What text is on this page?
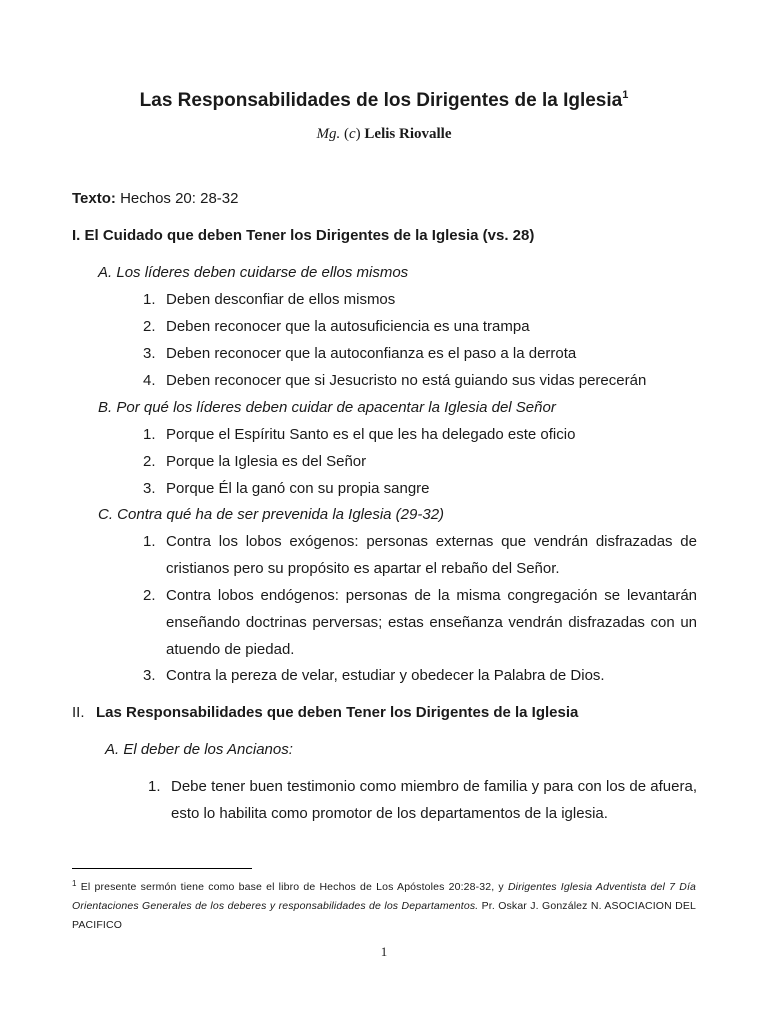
Las Responsabilidades de los Dirigentes de la Iglesia$^1$
Mg. (c) Lelis Riovalle
Texto: Hechos 20: 28-32
I. El Cuidado que deben Tener los Dirigentes de la Iglesia (vs. 28)
A. Los líderes deben cuidarse de ellos mismos
1. Deben desconfiar de ellos mismos
2. Deben reconocer que la autosuficiencia es una trampa
3. Deben reconocer que la autoconfianza es el paso a la derrota
4. Deben reconocer que si Jesucristo no está guiando sus vidas perecerán
B. Por qué los líderes deben cuidar de apacentar la Iglesia del Señor
1. Porque el Espíritu Santo es el que les ha delegado este oficio
2. Porque la Iglesia es del Señor
3. Porque Él la ganó con su propia sangre
C. Contra qué ha de ser prevenida la Iglesia (29-32)
1. Contra los lobos exógenos: personas externas que vendrán disfrazadas de cristianos pero su propósito es apartar el rebaño del Señor.
2. Contra lobos endógenos: personas de la misma congregación se levantarán enseñando doctrinas perversas; estas enseñanza vendrán disfrazadas con un atuendo de piedad.
3. Contra la pereza de velar, estudiar y obedecer la Palabra de Dios.
II. Las Responsabilidades que deben Tener los Dirigentes de la Iglesia
A. El deber de los Ancianos:
1. Debe tener buen testimonio como miembro de familia y para con los de afuera, esto lo habilita como promotor de los departamentos de la iglesia.
$^1$ El presente sermón tiene como base el libro de Hechos de Los Apóstoles 20:28-32, y Dirigentes Iglesia Adventista del 7 Día Orientaciones Generales de los deberes y responsabilidades de los Departamentos. Pr. Oskar J. González N. ASOCIACION DEL PACIFICO
1
